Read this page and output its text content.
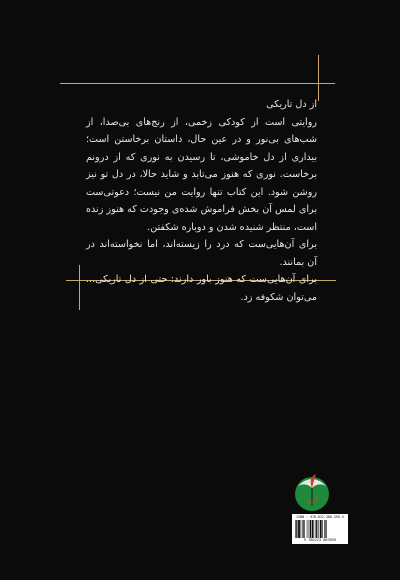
از دل تاریکی

روایتی است از کودکی زخمی، از رنج‌های بی‌صدا، از شب‌های بی‌نور و در عین حال، داستان برخاستن است؛ بیداری از دل خاموشی، تا رسیدن به نوری که از درونم برخاست. نوری که هنوز می‌تابد و شاید حالا، در دل تو نیز روشن شود. این کتاب تنها روایت من نیست؛ دعوتی‌ست برای لمس آن بخش فراموش شده‌ی وجودت که هنوز زنده است، منتظر شنیده شدن و دوباره شکفتن.

برای آن‌هایی‌ست که درد را زیسته‌اند، اما نخواسته‌اند در آن بمانند.

برای آن‌هایی‌ست که هنوز باور دارند: حتی از دل تاریکی... می‌توان شکوفه زد.

آذر
ISBN : 978-622-386-395-5
9 786223 863955
